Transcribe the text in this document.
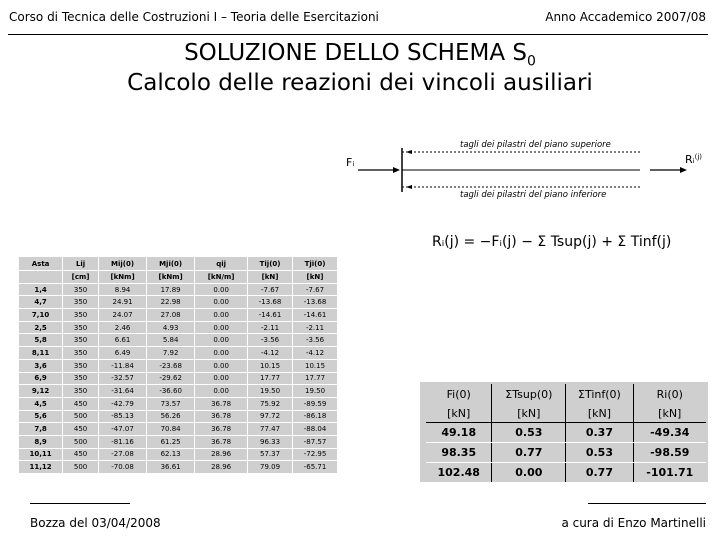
Corso di Tecnica delle Costruzioni I – Teoria delle Esercitazioni	Anno Accademico 2007/08
SOLUZIONE DELLO SCHEMA $S_0$
Calcolo delle reazioni dei vincoli ausiliari
Fᵢ	Rᵢ$^{(j)}$
tagli dei pilastri del piano superiore
tagli dei pilastri del piano inferiore
Rᵢ(j) = −Fᵢ(j) − Σ Tsup(j) + Σ Tinf(j)
Asta	Lij	Mij(0)	Mji(0)	qij	Tij(0)	Tji(0)
	[cm]	[kNm]	[kNm]	[kN/m]	[kN]	[kN]
1,4	350	8.94	17.89	0.00	-7.67	-7.67
4,7	350	24.91	22.98	0.00	-13.68	-13.68
7,10	350	24.07	27.08	0.00	-14.61	-14.61
2,5	350	2.46	4.93	0.00	-2.11	-2.11
5,8	350	6.61	5.84	0.00	-3.56	-3.56
8,11	350	6.49	7.92	0.00	-4.12	-4.12
3,6	350	-11.84	-23.68	0.00	10.15	10.15
6,9	350	-32.57	-29.62	0.00	17.77	17.77
9,12	350	-31.64	-36.60	0.00	19.50	19.50
4,5	450	-42.79	73.57	36.78	75.92	-89.59
5,6	500	-85.13	56.26	36.78	97.72	-86.18
7,8	450	-47.07	70.84	36.78	77.47	-88.04
8,9	500	-81.16	61.25	36.78	96.33	-87.57
10,11	450	-27.08	62.13	28.96	57.37	-72.95
11,12	500	-70.08	36.61	28.96	79.09	-65.71
Fi(0)	ΣTsup(0)	ΣTinf(0)	Ri(0)
[kN]	[kN]	[kN]	[kN]
49.18	0.53	0.37	-49.34
98.35	0.77	0.53	-98.59
102.48	0.00	0.77	-101.71
Bozza del 03/04/2008	a cura di Enzo Martinelli
